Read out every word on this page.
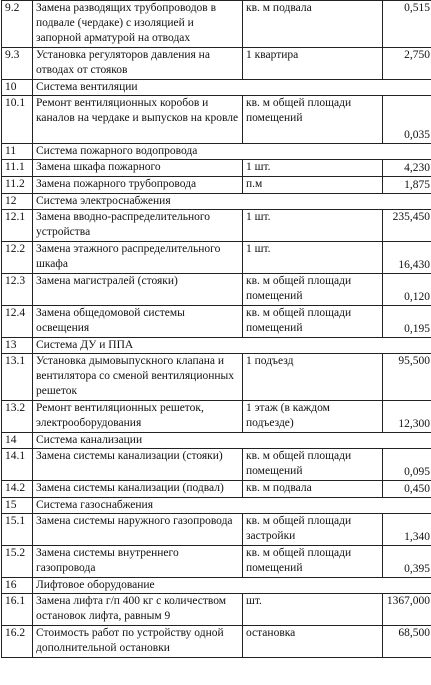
9.2	Замена разводящих трубопроводов в подвале (чердаке) с изоляцией и запорной арматурой на отводах	кв. м подвала	0,515
9.3	Установка регуляторов давления на отводах от стояков	1 квартира	2,750
10	Система вентиляции		
10.1	Ремонт вентиляционных коробов и каналов на чердаке и выпусков на кровле	кв. м общей площади помещений	0,035
11	Система пожарного водопровода		
11.1	Замена шкафа пожарного	1 шт.	4,230
11.2	Замена пожарного трубопровода	п.м	1,875
12	Система электроснабжения		
12.1	Замена вводно-распределительного устройства	1 шт.	235,450
12.2	Замена этажного распределительного шкафа	1 шт.	16,430
12.3	Замена магистралей (стояки)	кв. м общей площади помещений	0,120
12.4	Замена общедомовой системы освещения	кв. м общей площади помещений	0,195
13	Система ДУ и ППА		
13.1	Установка дымовыпускного клапана и вентилятора со сменой вентиляционных решеток	1 подъезд	95,500
13.2	Ремонт вентиляционных решеток, электрооборудования	1 этаж (в каждом подъезде)	12,300
14	Система канализации		
14.1	Замена системы канализации (стояки)	кв. м общей площади помещений	0,095
14.2	Замена системы канализации (подвал)	кв. м подвала	0,450
15	Система газоснабжения		
15.1	Замена системы наружного газопровода	кв. м общей площади застройки	1,340
15.2	Замена системы внутреннего газопровода	кв. м общей площади помещений	0,395
16	Лифтовое оборудование		
16.1	Замена лифта г/п 400 кг с количеством остановок лифта, равным 9	шт.	1367,000
16.2	Стоимость работ по устройству одной дополнительной остановки	остановка	68,500
